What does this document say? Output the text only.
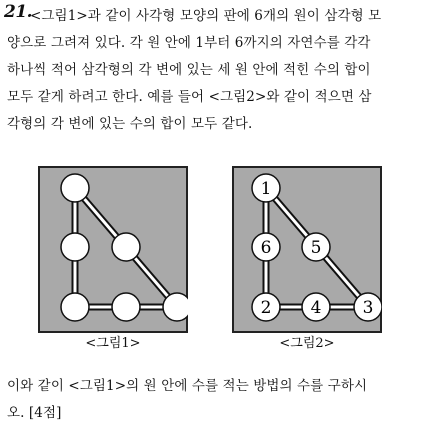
21.
<그림1>과 같이 사각형 모양의 판에 6개의 원이 삼각형 모
양으로 그려져 있다. 각 원 안에 1부터 6까지의 자연수를 각각
하나씩 적어 삼각형의 각 변에 있는 세 원 안에 적힌 수의 합이
모두 같게 하려고 한다. 예를 들어 <그림2>와 같이 적으면 삼
각형의 각 변에 있는 수의 합이 모두 같다.
1
6 5
2 4 3
<그림1>	<그림2>
이와 같이 <그림1>의 원 안에 수를 적는 방법의 수를 구하시
오. [4점]
